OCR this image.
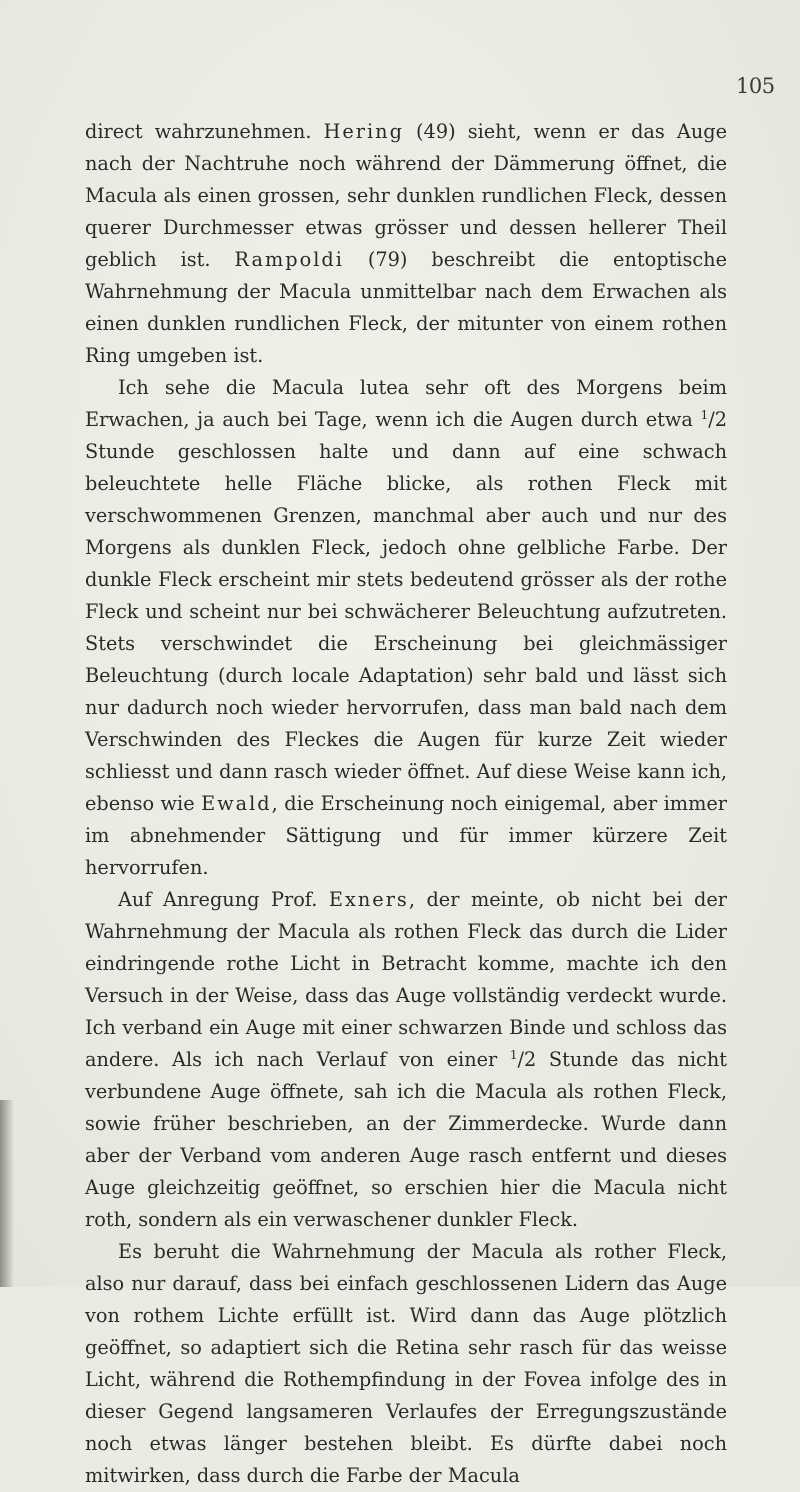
105

direct wahrzunehmen. Hering (49) sieht, wenn er das Auge nach der Nachtruhe noch während der Dämmerung öffnet, die Macula als einen grossen, sehr dunklen rundlichen Fleck, dessen querer Durchmesser etwas grösser und dessen hellerer Theil geblich ist. Rampoldi (79) beschreibt die entoptische Wahrnehmung der Macula unmittelbar nach dem Erwachen als einen dunklen rundlichen Fleck, der mitunter von einem rothen Ring umgeben ist.

Ich sehe die Macula lutea sehr oft des Morgens beim Erwachen, ja auch bei Tage, wenn ich die Augen durch etwa $^1$/2 Stunde geschlossen halte und dann auf eine schwach beleuchtete helle Fläche blicke, als rothen Fleck mit verschwommenen Grenzen, manchmal aber auch und nur des Morgens als dunklen Fleck, jedoch ohne gelbliche Farbe. Der dunkle Fleck erscheint mir stets bedeutend grösser als der rothe Fleck und scheint nur bei schwächerer Beleuchtung aufzutreten. Stets verschwindet die Erscheinung bei gleichmässiger Beleuchtung (durch locale Adaptation) sehr bald und lässt sich nur dadurch noch wieder hervorrufen, dass man bald nach dem Verschwinden des Fleckes die Augen für kurze Zeit wieder schliesst und dann rasch wieder öffnet. Auf diese Weise kann ich, ebenso wie Ewald, die Erscheinung noch einigemal, aber immer im abnehmender Sättigung und für immer kürzere Zeit hervorrufen.

Auf Anregung Prof. Exners, der meinte, ob nicht bei der Wahrnehmung der Macula als rothen Fleck das durch die Lider eindringende rothe Licht in Betracht komme, machte ich den Versuch in der Weise, dass das Auge vollständig verdeckt wurde. Ich verband ein Auge mit einer schwarzen Binde und schloss das andere. Als ich nach Verlauf von einer $^1$/2 Stunde das nicht verbundene Auge öffnete, sah ich die Macula als rothen Fleck, sowie früher beschrieben, an der Zimmerdecke. Wurde dann aber der Verband vom anderen Auge rasch entfernt und dieses Auge gleichzeitig geöffnet, so erschien hier die Macula nicht roth, sondern als ein verwaschener dunkler Fleck.

Es beruht die Wahrnehmung der Macula als rother Fleck, also nur darauf, dass bei einfach geschlossenen Lidern das Auge von rothem Lichte erfüllt ist. Wird dann das Auge plötzlich geöffnet, so adaptiert sich die Retina sehr rasch für das weisse Licht, während die Rothempfindung in der Fovea infolge des in dieser Gegend langsameren Verlaufes der Erregungszustände noch etwas länger bestehen bleibt. Es dürfte dabei noch mitwirken, dass durch die Farbe der Macula
